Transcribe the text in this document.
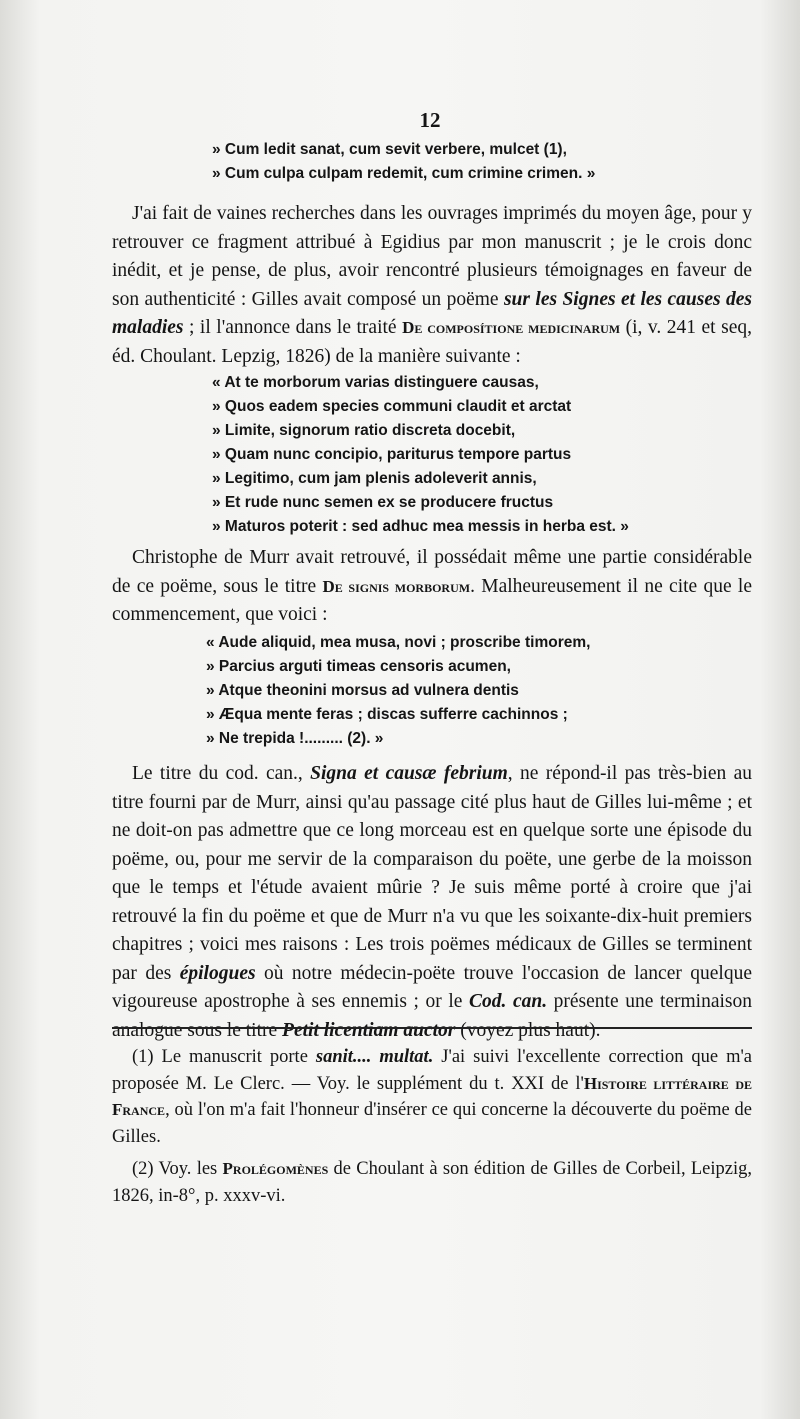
12
» Cum ledit sanat, cum sevit verbere, mulcet (1),
» Cum culpa culpam redemit, cum crimine crimen. »

J'ai fait de vaines recherches dans les ouvrages imprimés du moyen âge, pour y retrouver ce fragment attribué à Egidius par mon manuscrit ; je le crois donc inédit, et je pense, de plus, avoir rencontré plusieurs témoignages en faveur de son authenticité : Gilles avait composé un poëme sur les Signes et les causes des maladies ; il l'annonce dans le traité De composítione medicinarum (i, v. 241 et seq, éd. Choulant. Lepzig, 1826) de la manière suivante :

« At te morborum varias distinguere causas,
» Quos eadem species communi claudit et arctat
» Limite, signorum ratio discreta docebit,
» Quam nunc concipio, pariturus tempore partus
» Legitimo, cum jam plenis adoleverit annis,
» Et rude nunc semen ex se producere fructus
» Maturos poterit : sed adhuc mea messis in herba est. »

Christophe de Murr avait retrouvé, il possédait même une partie considérable de ce poëme, sous le titre De signis morborum. Malheureusement il ne cite que le commencement, que voici :

« Aude aliquid, mea musa, novi ; proscribe timorem,
» Parcius arguti timeas censoris acumen,
» Atque theonini morsus ad vulnera dentis
» Æqua mente feras ; discas sufferre cachinnos ;
» Ne trepida !......... (2). »

Le titre du cod. can., Signa et causæ febrium, ne répond-il pas très-bien au titre fourni par de Murr, ainsi qu'au passage cité plus haut de Gilles lui-même ; et ne doit-on pas admettre que ce long morceau est en quelque sorte une épisode du poëme, ou, pour me servir de la comparaison du poëte, une gerbe de la moisson que le temps et l'étude avaient mûrie ? Je suis même porté à croire que j'ai retrouvé la fin du poëme et que de Murr n'a vu que les soixante-dix-huit premiers chapitres ; voici mes raisons : Les trois poëmes médicaux de Gilles se terminent par des épilogues où notre médecin-poëte trouve l'occasion de lancer quelque vigoureuse apostrophe à ses ennemis ; or le Cod. can. présente une terminaison analogue sous le titre Petit licentiam auctor (voyez plus haut).

(1) Le manuscrit porte sanit.... multat. J'ai suivi l'excellente correction que m'a proposée M. Le Clerc. — Voy. le supplément du t. XXI de l'Histoire littéraire de France, où l'on m'a fait l'honneur d'insérer ce qui concerne la découverte du poëme de Gilles.

(2) Voy. les Prolégomènes de Choulant à son édition de Gilles de Corbeil, Leipzig, 1826, in-8°, p. xxxv-vi.
